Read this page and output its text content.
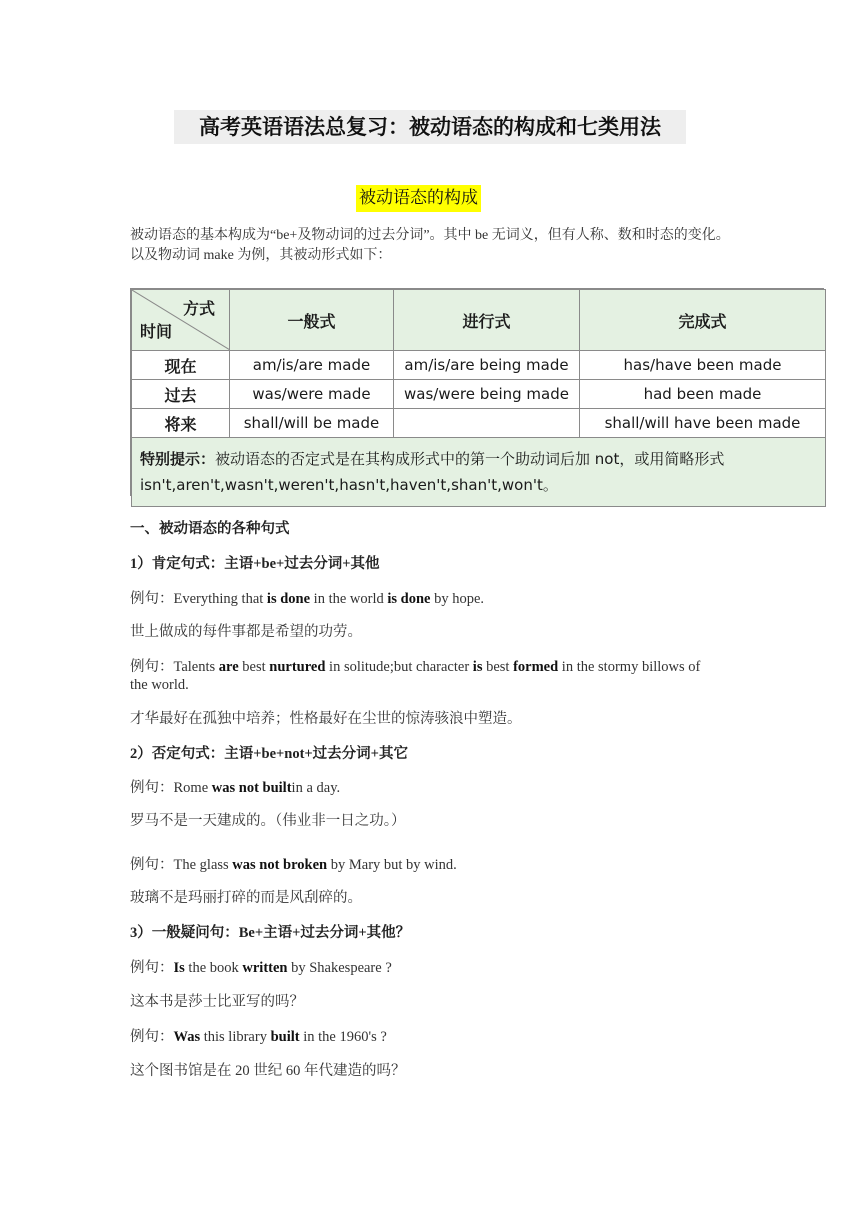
高考英语语法总复习：被动语态的构成和七类用法
被动语态的构成
被动语态的基本构成为“be+及物动词的过去分词”。其中 be 无词义，但有人称、数和时态的变化。以及物动词 make 为例，其被动形式如下：
方式
时间	一般式	进行式	完成式
现在	am/is/are made	am/is/are being made	has/have been made
过去	was/were made	was/were being made	had been made
将来	shall/will be made		shall/will have been made
特别提示：被动语态的否定式是在其构成形式中的第一个助动词后加 not，或用简略形式 isn't,aren't,wasn't,weren't,hasn't,haven't,shan't,won't。			
一、被动语态的各种句式
1）肯定句式：主语+be+过去分词+其他
例句：Everything that is done in the world is done by hope.
世上做成的每件事都是希望的功劳。
例句：Talents are best nurtured in solitude;but character is best formed in the stormy billows of the world.
才华最好在孤独中培养；性格最好在尘世的惊涛骇浪中塑造。
2）否定句式：主语+be+not+过去分词+其它
例句：Rome was not builtin a day.
罗马不是一天建成的。（伟业非一日之功。）
例句：The glass was not broken by Mary but by wind.
玻璃不是玛丽打碎的而是风刮碎的。
3）一般疑问句：Be+主语+过去分词+其他？
例句：Is the book written by Shakespeare ?
这本书是莎士比亚写的吗？
例句：Was this library built in the 1960's ?
这个图书馆是在 20 世纪 60 年代建造的吗？
